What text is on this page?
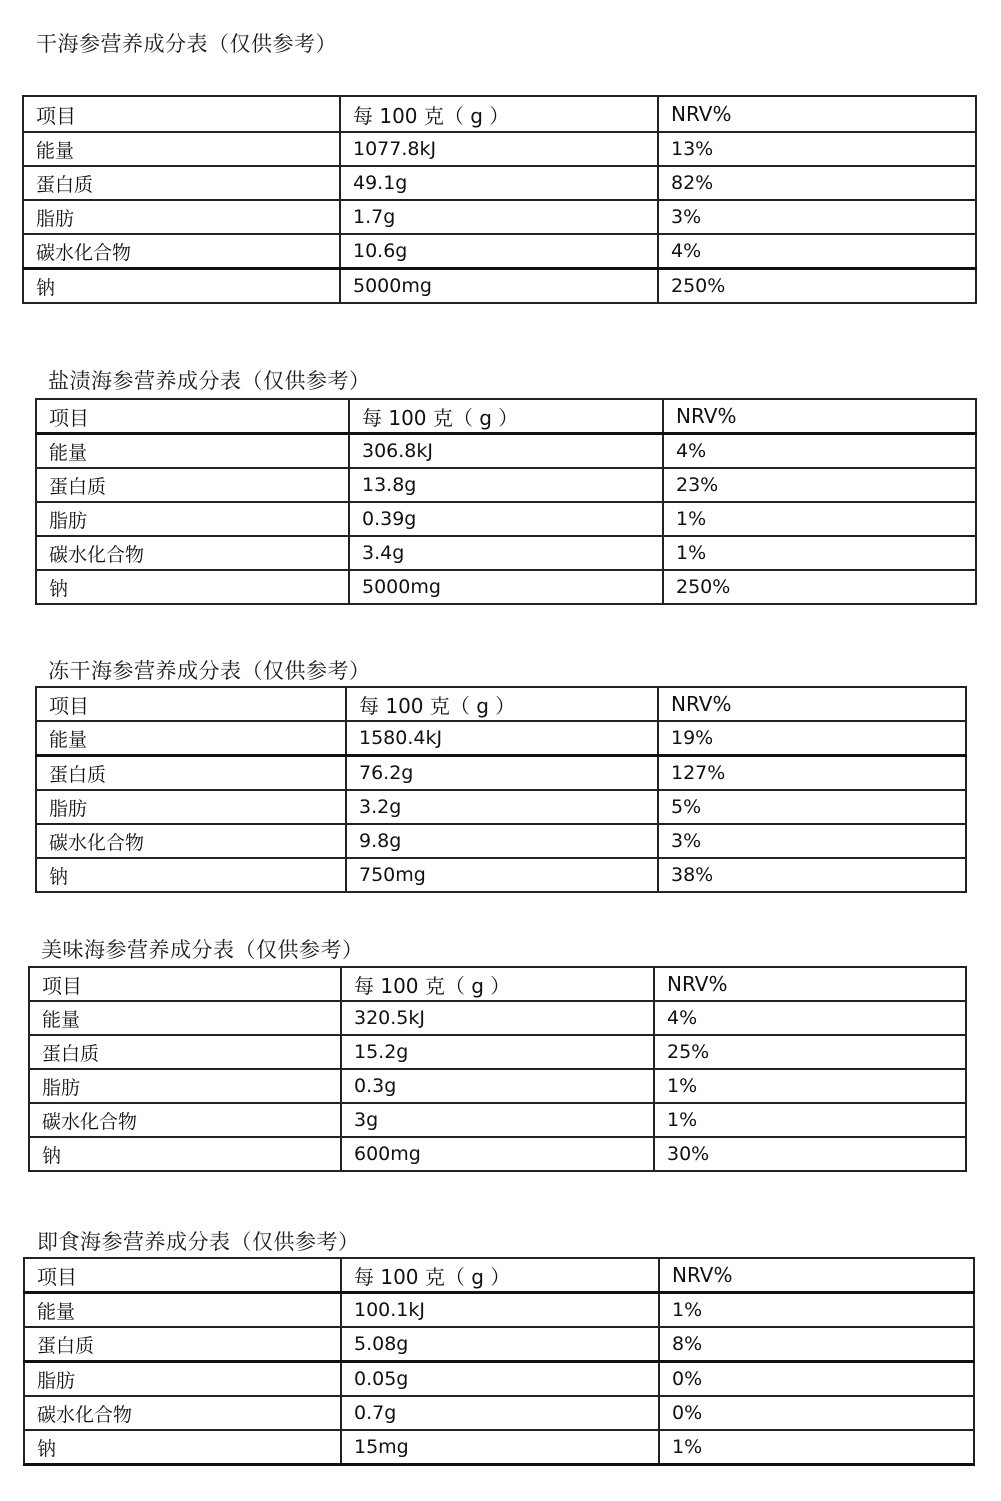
干海参营养成分表（仅供参考）
项目	每 100 克（ g ）	NRV%
能量	1077.8kJ	13%
蛋白质	49.1g	82%
脂肪	1.7g	3%
碳水化合物	10.6g	4%
钠	5000mg	250%
盐渍海参营养成分表（仅供参考）
项目	每 100 克（ g ）	NRV%
能量	306.8kJ	4%
蛋白质	13.8g	23%
脂肪	0.39g	1%
碳水化合物	3.4g	1%
钠	5000mg	250%
冻干海参营养成分表（仅供参考）
项目	每 100 克（ g ）	NRV%
能量	1580.4kJ	19%
蛋白质	76.2g	127%
脂肪	3.2g	5%
碳水化合物	9.8g	3%
钠	750mg	38%
美味海参营养成分表（仅供参考）
项目	每 100 克（ g ）	NRV%
能量	320.5kJ	4%
蛋白质	15.2g	25%
脂肪	0.3g	1%
碳水化合物	3g	1%
钠	600mg	30%
即食海参营养成分表（仅供参考）
项目	每 100 克（ g ）	NRV%
能量	100.1kJ	1%
蛋白质	5.08g	8%
脂肪	0.05g	0%
碳水化合物	0.7g	0%
钠	15mg	1%
